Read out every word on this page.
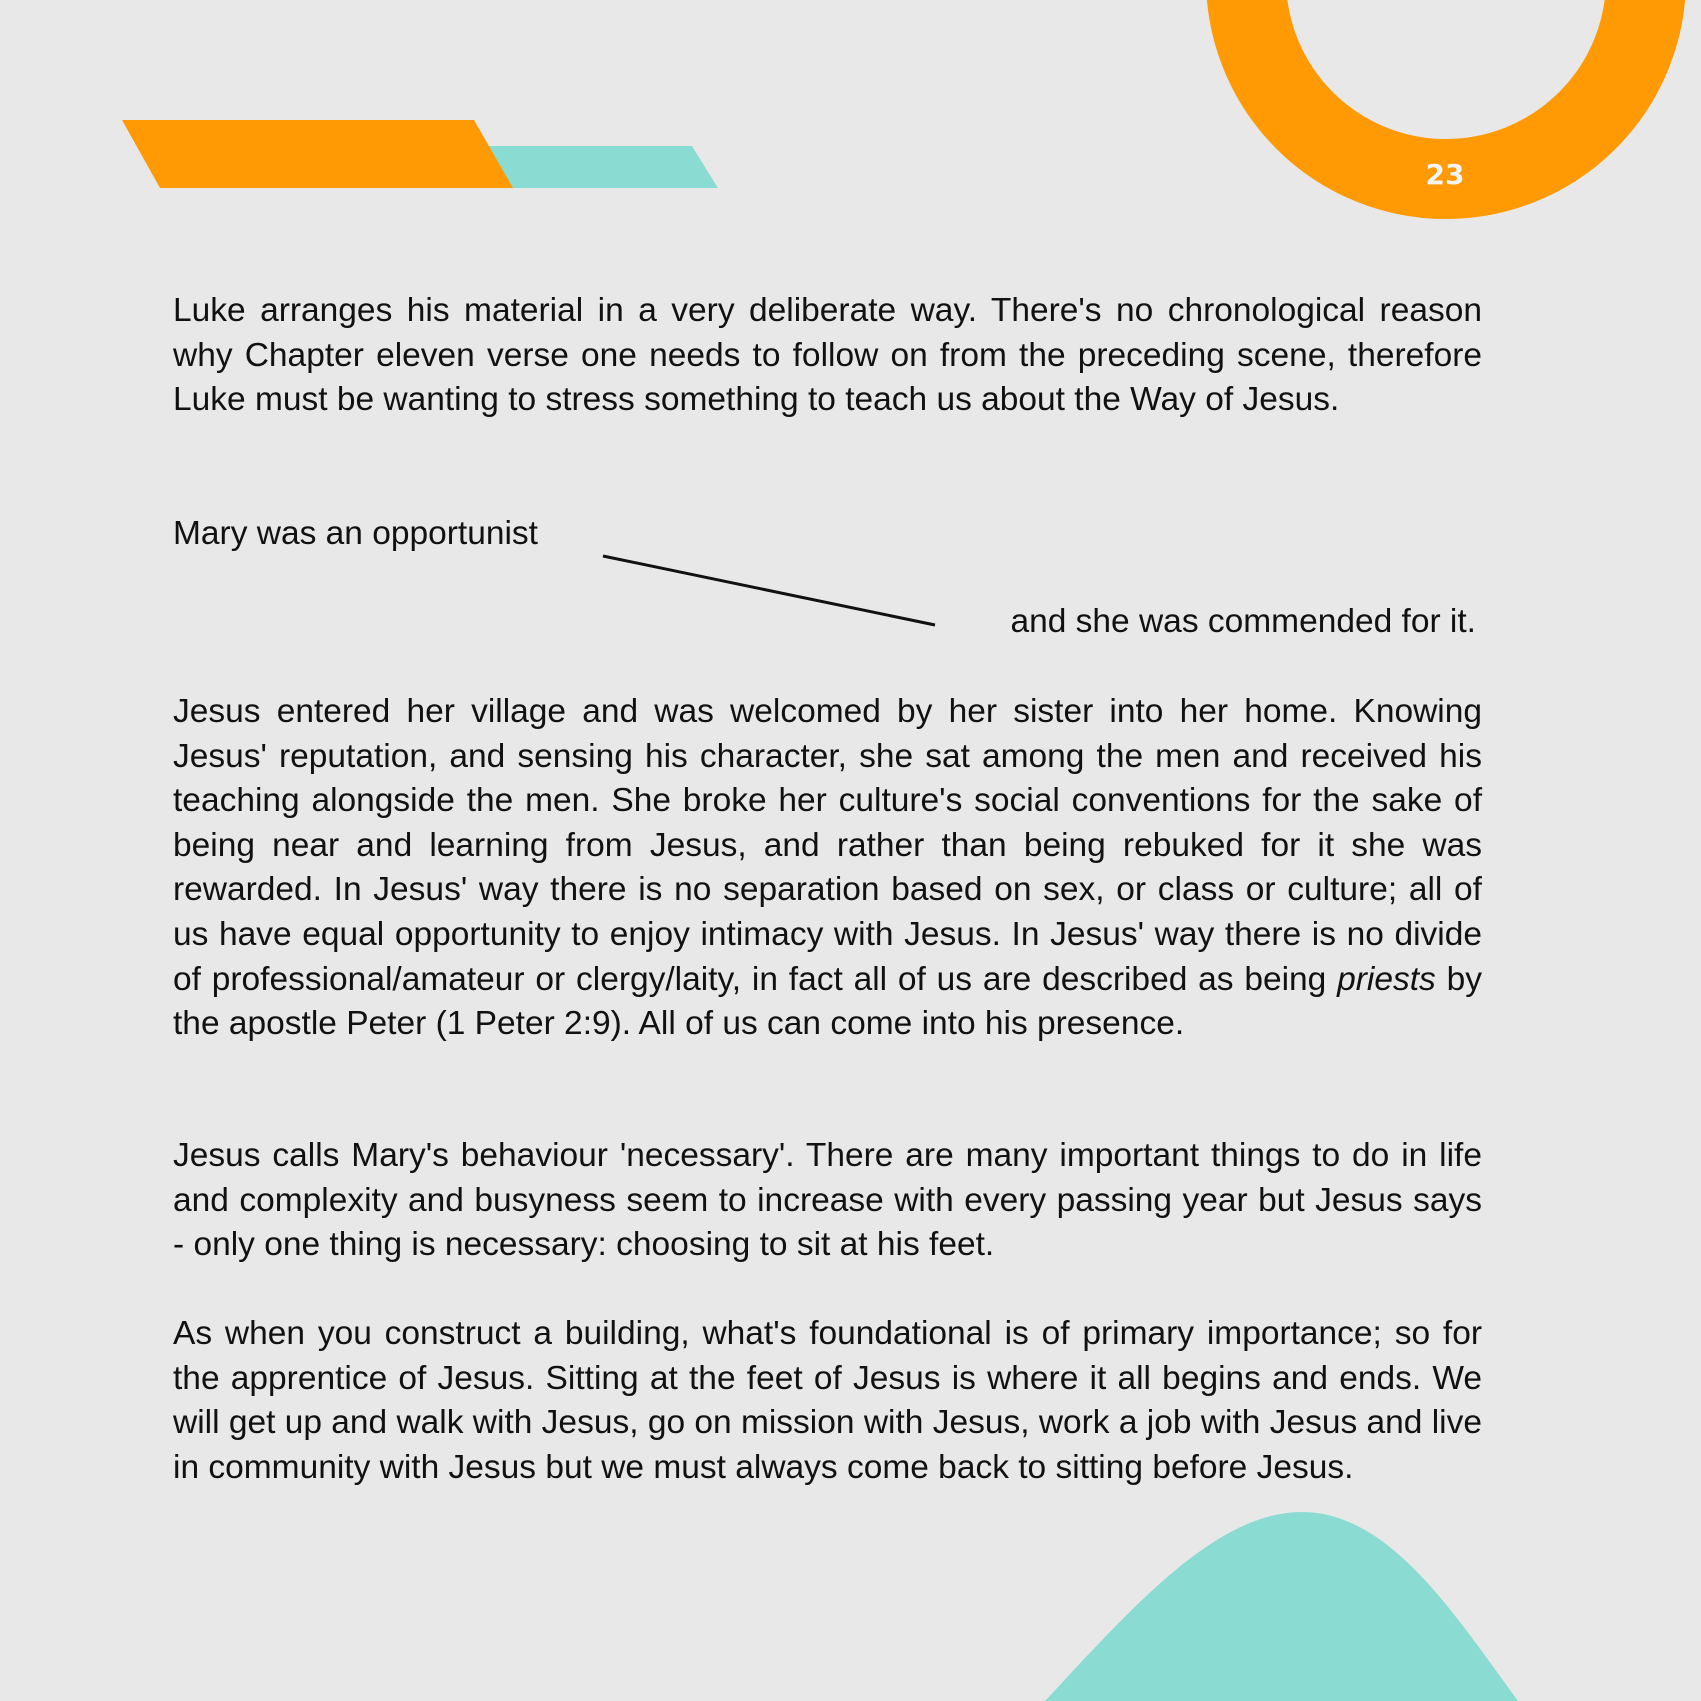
23

Luke arranges his material in a very deliberate way. There's no chronological reason why Chapter eleven verse one needs to follow on from the preceding scene, therefore Luke must be wanting to stress something to teach us about the Way of Jesus.

Mary was an opportunist

and she was commended for it.

Jesus entered her village and was welcomed by her sister into her home. Knowing Jesus' reputation, and sensing his character, she sat among the men and received his teaching alongside the men. She broke her culture's social conventions for the sake of being near and learning from Jesus, and rather than being rebuked for it she was rewarded. In Jesus' way there is no separation based on sex, or class or culture; all of us have equal opportunity to enjoy intimacy with Jesus. In Jesus' way there is no divide of professional/amateur or clergy/laity, in fact all of us are described as being priests by the apostle Peter (1 Peter 2:9). All of us can come into his presence.

Jesus calls Mary's behaviour 'necessary'. There are many important things to do in life and complexity and busyness seem to increase with every passing year but Jesus says - only one thing is necessary: choosing to sit at his feet.

As when you construct a building, what's foundational is of primary importance; so for the apprentice of Jesus. Sitting at the feet of Jesus is where it all begins and ends. We will get up and walk with Jesus, go on mission with Jesus, work a job with Jesus and live in community with Jesus but we must always come back to sitting before Jesus.
